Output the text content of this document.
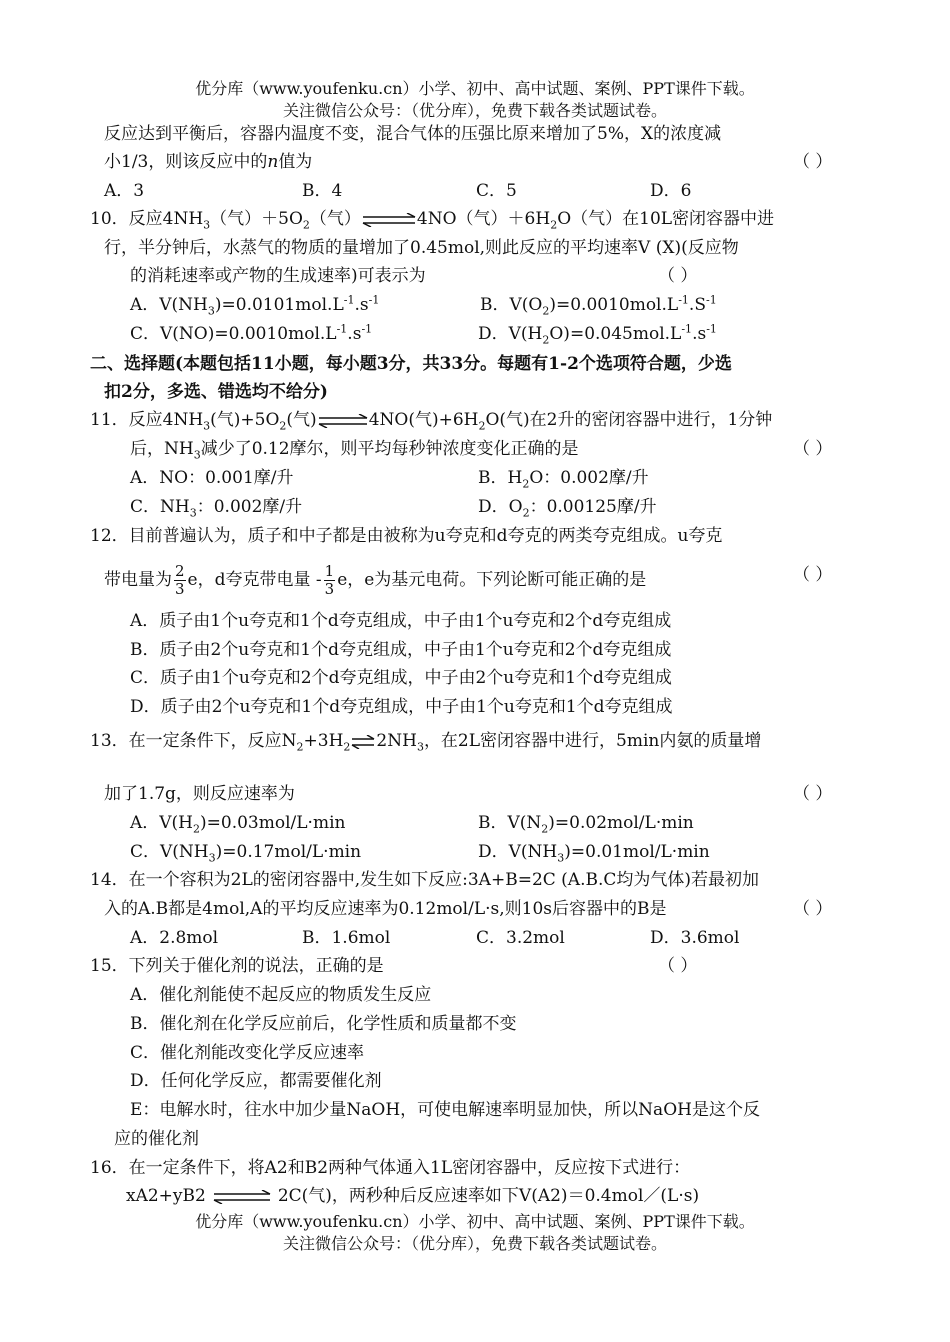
优分库（www.youfenku.cn）小学、初中、高中试题、案例、PPT课件下载。
关注微信公众号：（优分库），免费下载各类试题试卷。
反应达到平衡后，容器内温度不变，混合气体的压强比原来增加了5%，X的浓度减
小1/3，则该反应中的n值为	（ ）
A．3	B．4	C．5	D．6
10．反应$4NH_3$（气）$+5O_2$（气）⇌4NO（气）$+6H_2O$（气）在10L密闭容器中进
行，半分钟后，水蒸气的物质的量增加了0.45mol,则此反应的平均速率V (X)(反应物
的消耗速率或产物的生成速率)可表示为	（ ）
A．$V(NH_3)=0.0101mol.L^{-1}.s^{-1}$	B．$V(O_2)=0.0010mol.L^{-1}.S^{-1}$
C．$V(NO)=0.0010mol.L^{-1}.s^{-1}$	D．$V(H_2O)=0.045mol.L^{-1}.s^{-1}$
二、选择题(本题包括11小题，每小题3分，共33分。每题有1-2个选项符合题，少选
扣2分，多选、错选均不给分)
11．反应$4NH_3$(气)$+5O_2$(气)⇌4NO(气)$+6H_2O$(气)在2升的密闭容器中进行，1分钟
后，$NH_3$减少了0.12摩尔，则平均每秒钟浓度变化正确的是	（ ）
A．NO：0.001摩/升	B．$H_2O$：0.002摩/升
C．$NH_3$：0.002摩/升	D．$O_2$：0.00125摩/升
12．目前普遍认为，质子和中子都是由被称为u夸克和d夸克的两类夸克组成。u夸克
带电量为 $\frac{2}{3}$ e，d夸克带电量 - $\frac{1}{3}$ e，e为基元电荷。下列论断可能正确的是	（ ）
A．质子由1个u夸克和1个d夸克组成，中子由1个u夸克和2个d夸克组成
B．质子由2个u夸克和1个d夸克组成，中子由1个u夸克和2个d夸克组成
C．质子由1个u夸克和2个d夸克组成，中子由2个u夸克和1个d夸克组成
D．质子由2个u夸克和1个d夸克组成，中子由1个u夸克和1个d夸克组成
13．在一定条件下，反应$N_2+3H_2\rightleftharpoons 2NH_3$，在2L密闭容器中进行，5min内氨的质量增
加了1.7g，则反应速率为	（ ）
A．$V(H_2)=0.03mol/L\cdot\min$	B．$V(N_2)=0.02mol/L\cdot\min$
C．$V(NH_3)=0.17mol/L\cdot\min$	D．$V(NH_3)=0.01mol/L\cdot\min$
14．在一个容积为2L的密闭容器中,发生如下反应:3A+B=2C (A.B.C均为气体)若最初加
入的A.B都是4mol,A的平均反应速率为0.12mol/L·s,则10s后容器中的B是	（ ）
A．2.8mol	B．1.6mol	C．3.2mol	D．3.6mol
15．下列关于催化剂的说法，正确的是	（ ）
A．催化剂能使不起反应的物质发生反应
B．催化剂在化学反应前后，化学性质和质量都不变
C．催化剂能改变化学反应速率
D．任何化学反应，都需要催化剂
E：电解水时，往水中加少量NaOH，可使电解速率明显加快，所以NaOH是这个反
应的催化剂
16．在一定条件下，将A2和B2两种气体通入1L密闭容器中，反应按下式进行：
xA2+yB2 ⇌ 2C(气)，两秒种后反应速率如下V(A2)＝0.4mol／(L·s)
优分库（www.youfenku.cn）小学、初中、高中试题、案例、PPT课件下载。
关注微信公众号：（优分库），免费下载各类试题试卷。
